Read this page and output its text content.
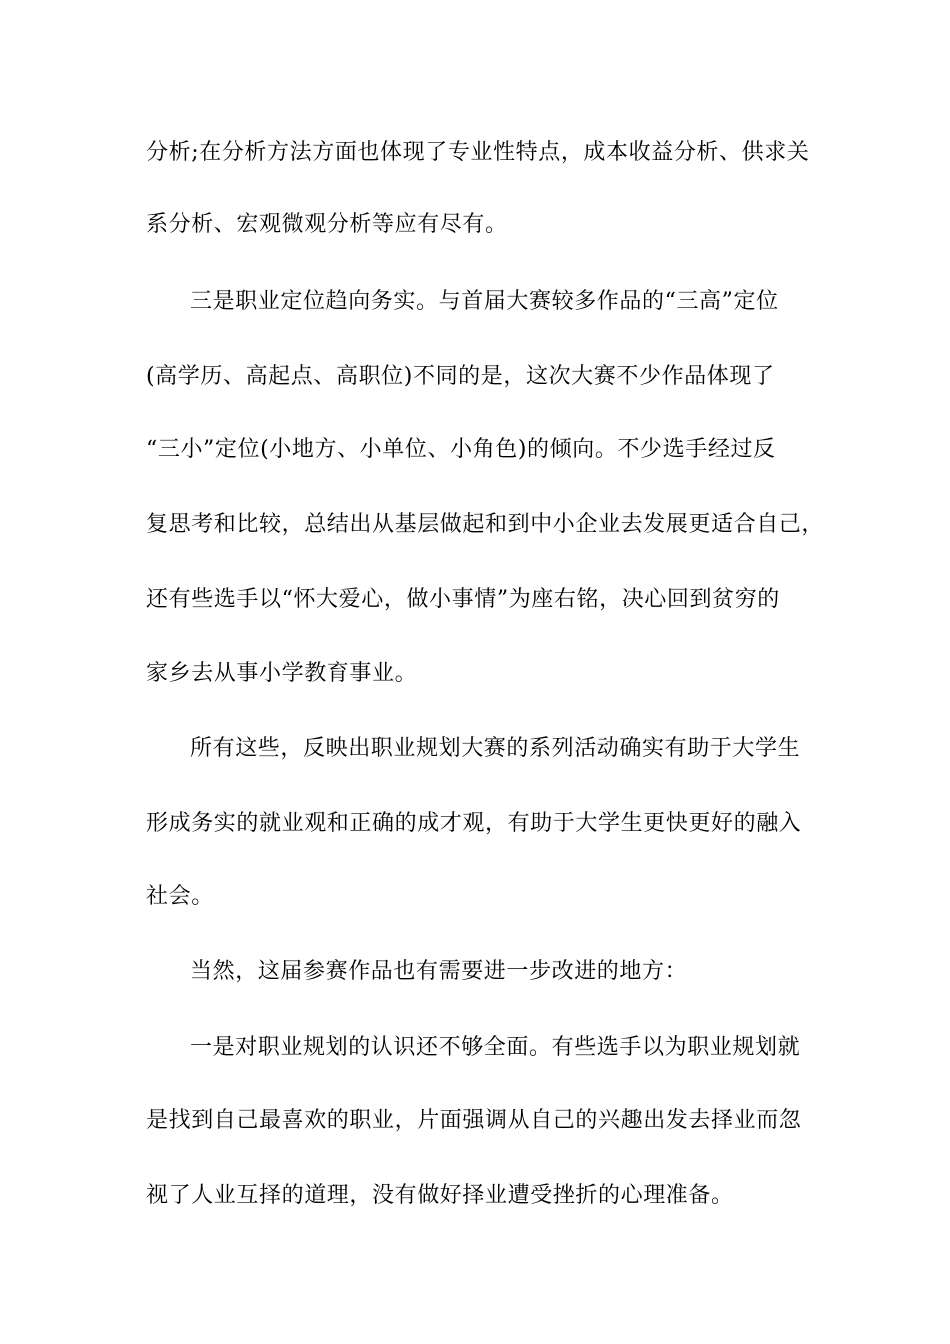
分析;在分析方法方面也体现了专业性特点，成本收益分析、供求关
系分析、宏观微观分析等应有尽有。
三是职业定位趋向务实。与首届大赛较多作品的“三高”定位
(高学历、高起点、高职位)不同的是，这次大赛不少作品体现了
“三小”定位(小地方、小单位、小角色)的倾向。不少选手经过反
复思考和比较，总结出从基层做起和到中小企业去发展更适合自己，
还有些选手以“怀大爱心，做小事情”为座右铭，决心回到贫穷的
家乡去从事小学教育事业。
所有这些，反映出职业规划大赛的系列活动确实有助于大学生
形成务实的就业观和正确的成才观，有助于大学生更快更好的融入
社会。
当然，这届参赛作品也有需要进一步改进的地方：
一是对职业规划的认识还不够全面。有些选手以为职业规划就
是找到自己最喜欢的职业，片面强调从自己的兴趣出发去择业而忽
视了人业互择的道理，没有做好择业遭受挫折的心理准备。
